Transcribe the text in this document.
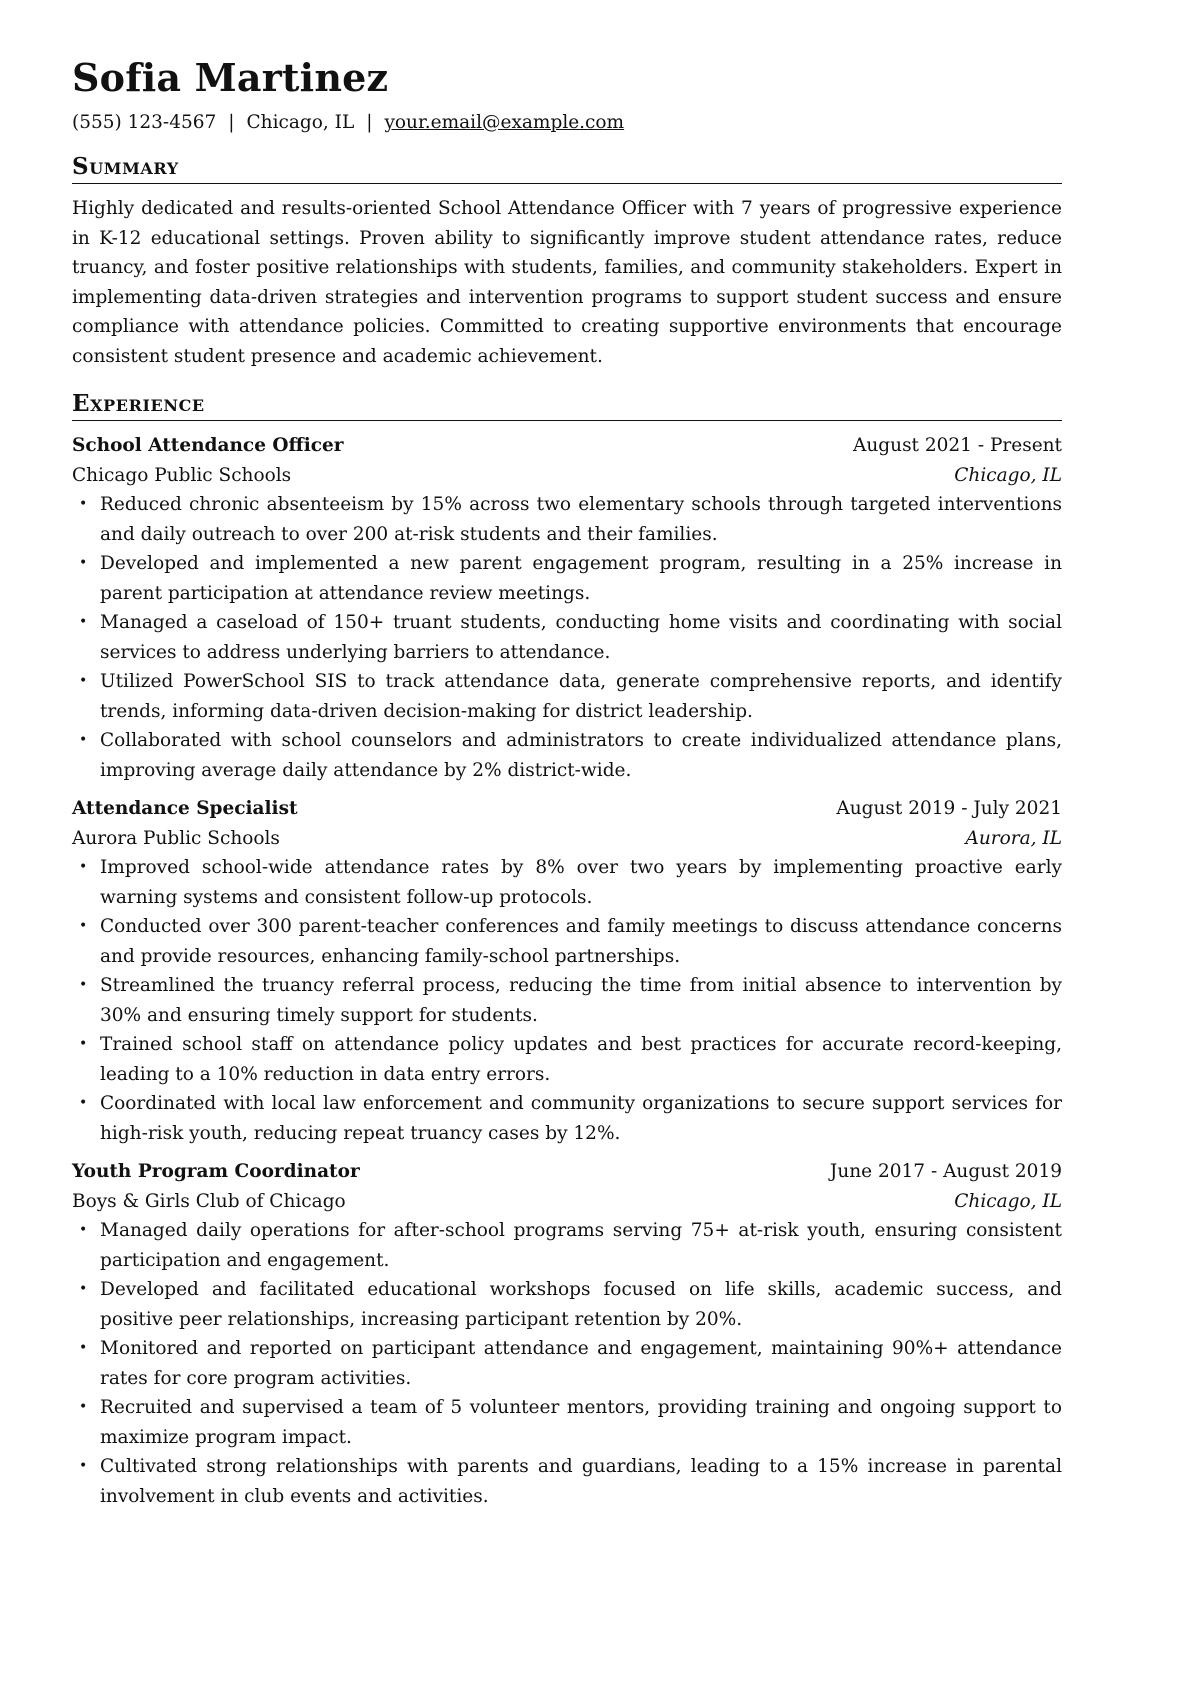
Sofia Martinez
(555) 123-4567 | Chicago, IL | your.email@example.com
Summary
Highly dedicated and results-oriented School Attendance Officer with 7 years of progressive experience in K-12 educational settings. Proven ability to significantly improve student attendance rates, reduce truancy, and foster positive relationships with students, families, and community stakeholders. Expert in implementing data-driven strategies and intervention programs to support student success and ensure compliance with attendance policies. Committed to creating supportive environments that encourage consistent student presence and academic achievement.
Experience
School Attendance Officer	August 2021 - Present
Chicago Public Schools	Chicago, IL
• Reduced chronic absenteeism by 15% across two elementary schools through targeted interventions and daily outreach to over 200 at-risk students and their families.
• Developed and implemented a new parent engagement program, resulting in a 25% increase in parent participation at attendance review meetings.
• Managed a caseload of 150+ truant students, conducting home visits and coordinating with social services to address underlying barriers to attendance.
• Utilized PowerSchool SIS to track attendance data, generate comprehensive reports, and identify trends, informing data-driven decision-making for district leadership.
• Collaborated with school counselors and administrators to create individualized attendance plans, improving average daily attendance by 2% district-wide.
Attendance Specialist	August 2019 - July 2021
Aurora Public Schools	Aurora, IL
• Improved school-wide attendance rates by 8% over two years by implementing proactive early warning systems and consistent follow-up protocols.
• Conducted over 300 parent-teacher conferences and family meetings to discuss attendance concerns and provide resources, enhancing family-school partnerships.
• Streamlined the truancy referral process, reducing the time from initial absence to intervention by 30% and ensuring timely support for students.
• Trained school staff on attendance policy updates and best practices for accurate record-keeping, leading to a 10% reduction in data entry errors.
• Coordinated with local law enforcement and community organizations to secure support services for high-risk youth, reducing repeat truancy cases by 12%.
Youth Program Coordinator	June 2017 - August 2019
Boys & Girls Club of Chicago	Chicago, IL
• Managed daily operations for after-school programs serving 75+ at-risk youth, ensuring consistent participation and engagement.
• Developed and facilitated educational workshops focused on life skills, academic success, and positive peer relationships, increasing participant retention by 20%.
• Monitored and reported on participant attendance and engagement, maintaining 90%+ attendance rates for core program activities.
• Recruited and supervised a team of 5 volunteer mentors, providing training and ongoing support to maximize program impact.
• Cultivated strong relationships with parents and guardians, leading to a 15% increase in parental involvement in club events and activities.
